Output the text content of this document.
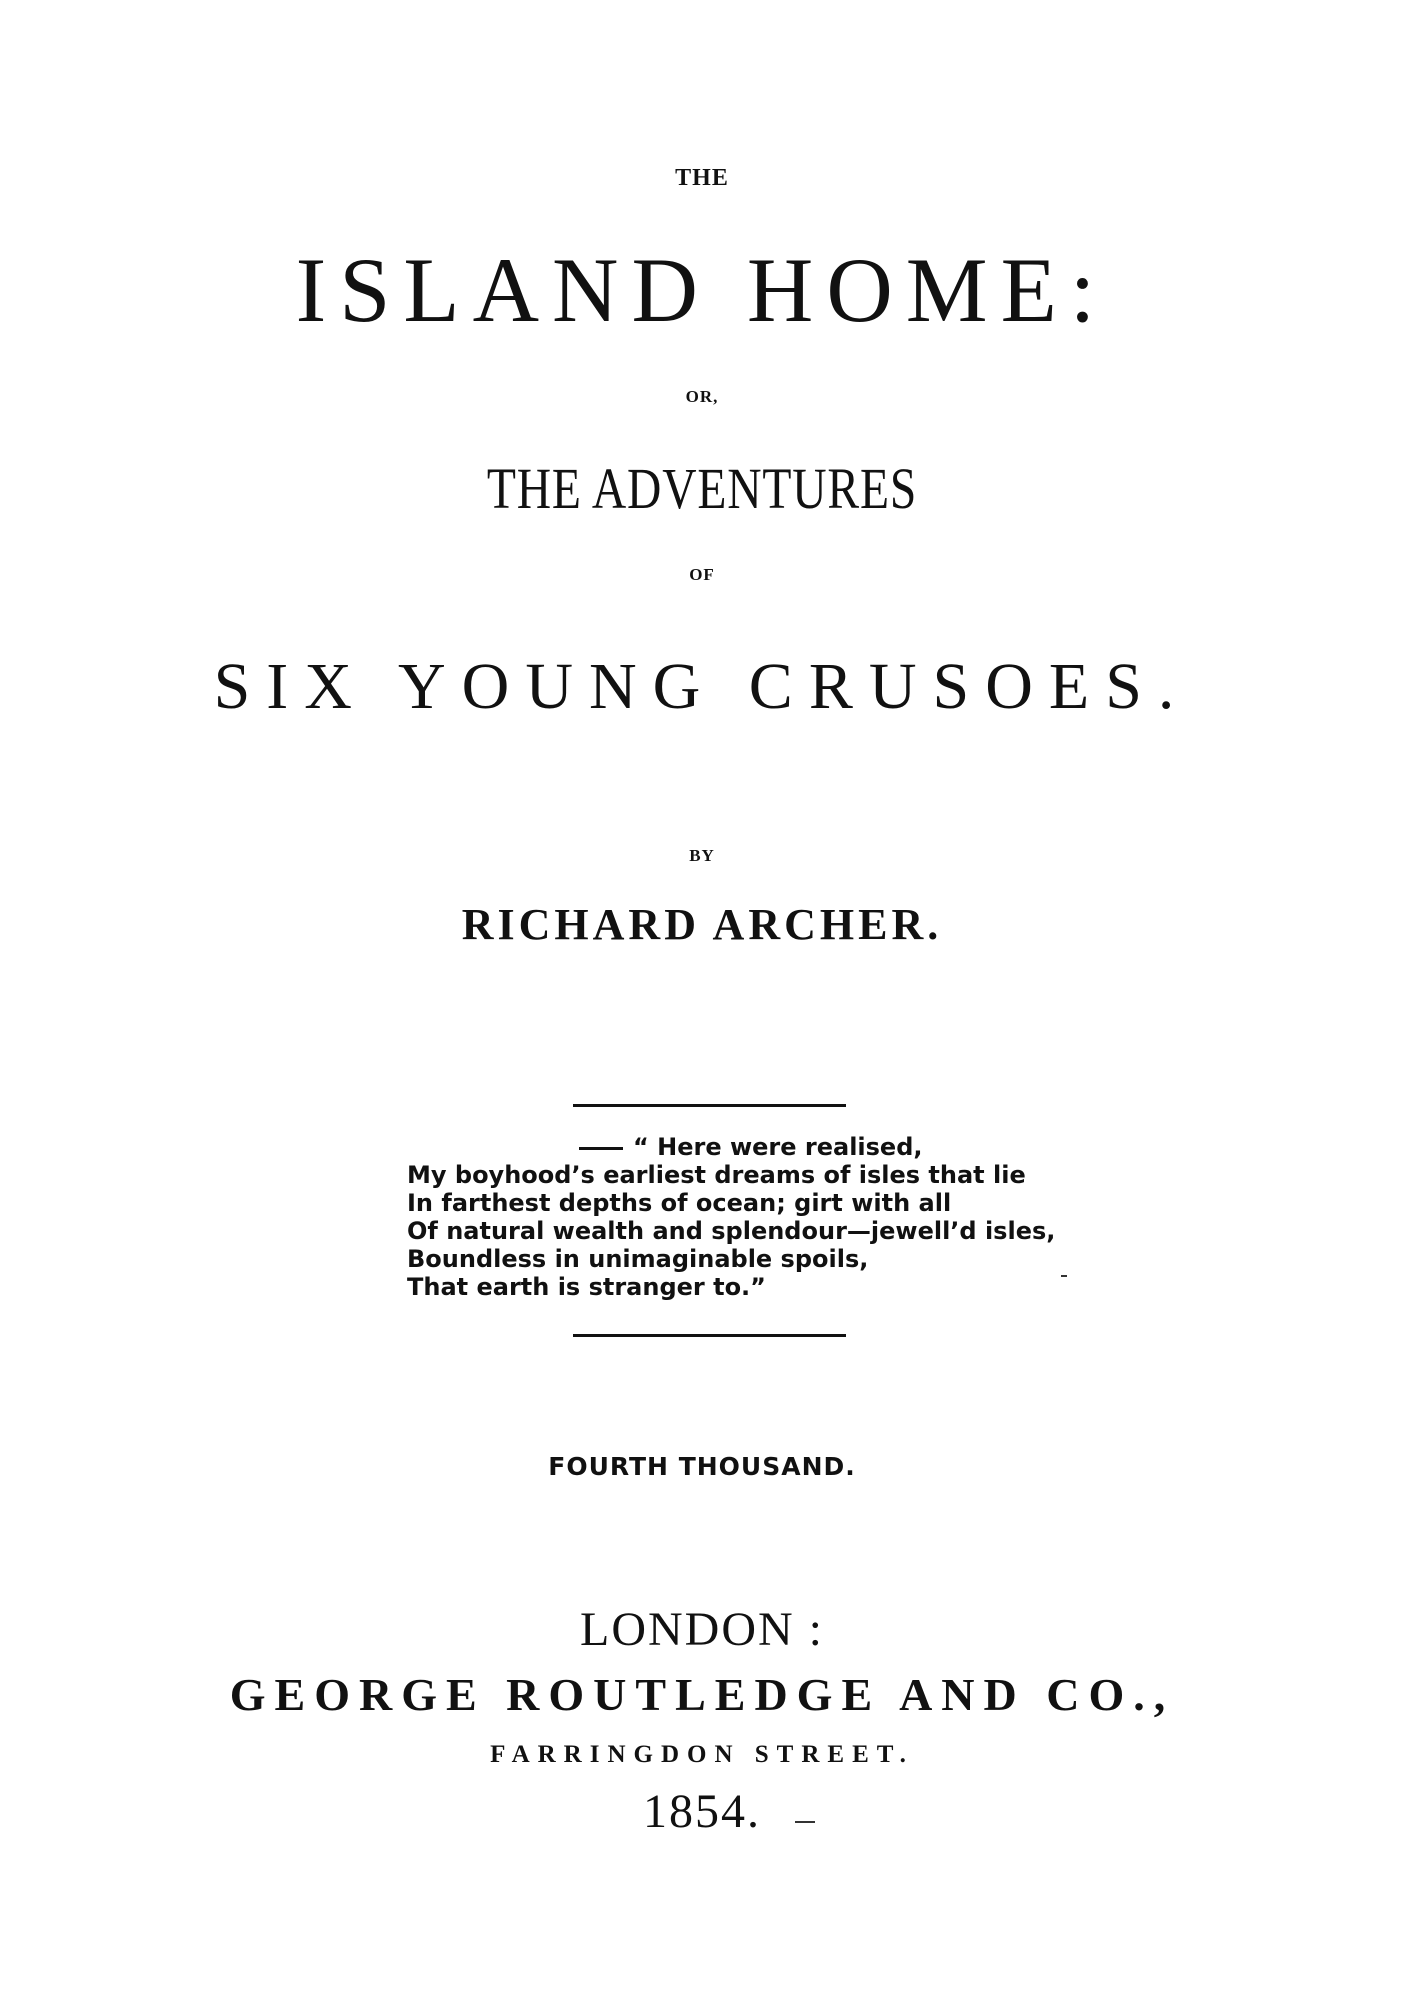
THE
ISLAND HOME:
OR,
THE ADVENTURES
OF
SIX YOUNG CRUSOES.
BY
RICHARD ARCHER.
“ Here were realised,
My boyhood’s earliest dreams of isles that lie
In farthest depths of ocean; girt with all
Of natural wealth and splendour—jewell’d isles,
Boundless in unimaginable spoils,
That earth is stranger to.”
FOURTH THOUSAND.
LONDON :
GEORGE ROUTLEDGE AND CO.,
FARRINGDON STREET.
1854.
